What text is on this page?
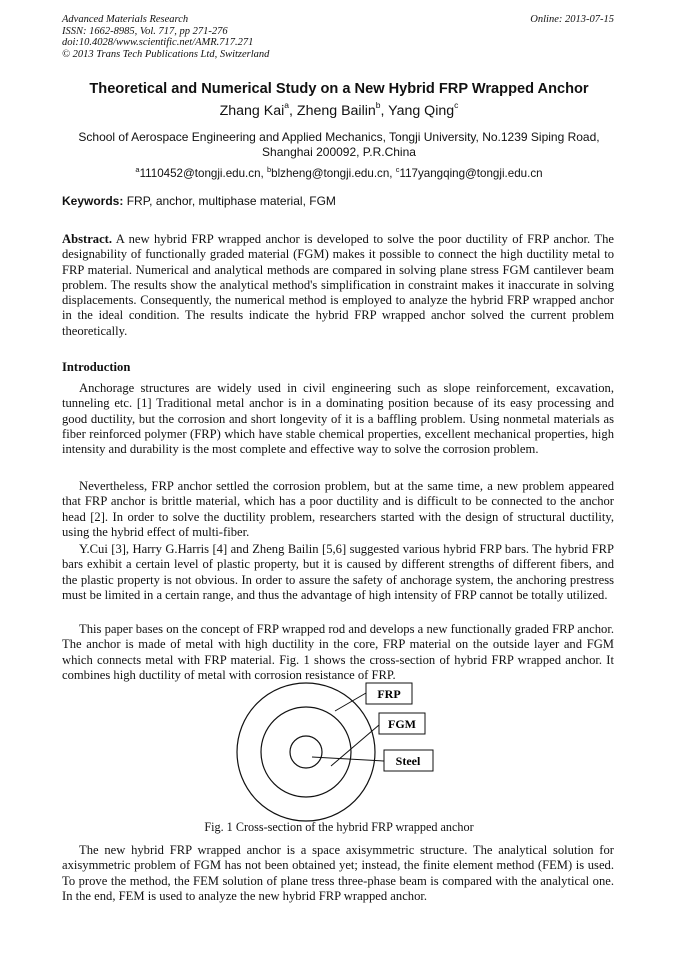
Advanced Materials Research
ISSN: 1662-8985, Vol. 717, pp 271-276
doi:10.4028/www.scientific.net/AMR.717.271
© 2013 Trans Tech Publications Ltd, Switzerland
Online: 2013-07-15
Theoretical and Numerical Study on a New Hybrid FRP Wrapped Anchor
Zhang Kai$^a$, Zheng Bailin$^b$, Yang Qing$^c$
School of Aerospace Engineering and Applied Mechanics, Tongji University, No.1239 Siping Road, Shanghai 200092, P.R.China
$^a$1110452@tongji.edu.cn, $^b$blzheng@tongji.edu.cn, $^c$117yangqing@tongji.edu.cn
Keywords: FRP, anchor, multiphase material, FGM
Abstract. A new hybrid FRP wrapped anchor is developed to solve the poor ductility of FRP anchor. The designability of functionally graded material (FGM) makes it possible to connect the high ductility metal to FRP material. Numerical and analytical methods are compared in solving plane stress FGM cantilever beam problem. The results show the analytical method's simplification in constraint makes it inaccurate in solving displacements. Consequently, the numerical method is employed to analyze the hybrid FRP wrapped anchor in the ideal condition. The results indicate the hybrid FRP wrapped anchor solved the current problem theoretically.
Introduction
Anchorage structures are widely used in civil engineering such as slope reinforcement, excavation, tunneling etc. [1] Traditional metal anchor is in a dominating position because of its easy processing and good ductility, but the corrosion and short longevity of it is a baffling problem. Using nonmetal materials as fiber reinforced polymer (FRP) which have stable chemical properties, excellent mechanical properties, high intensity and durability is the most complete and effective way to solve the corrosion problem.
Nevertheless, FRP anchor settled the corrosion problem, but at the same time, a new problem appeared that FRP anchor is brittle material, which has a poor ductility and is difficult to be connected to the anchor head [2]. In order to solve the ductility problem, researchers started with the design of structural ductility, using the hybrid effect of multi-fiber.
Y.Cui [3], Harry G.Harris [4] and Zheng Bailin [5,6] suggested various hybrid FRP bars. The hybrid FRP bars exhibit a certain level of plastic property, but it is caused by different strengths of different fibers, and the plastic property is not obvious. In order to assure the safety of anchorage system, the anchoring prestress must be limited in a certain range, and thus the advantage of high intensity of FRP cannot be totally utilized.
This paper bases on the concept of FRP wrapped rod and develops a new functionally graded FRP anchor. The anchor is made of metal with high ductility in the core, FRP material on the outside layer and FGM which connects metal with FRP material. Fig. 1 shows the cross-section of hybrid FRP wrapped anchor. It combines high ductility of metal with corrosion resistance of FRP.
FRP
FGM
Steel
Fig. 1 Cross-section of the hybrid FRP wrapped anchor
The new hybrid FRP wrapped anchor is a space axisymmetric structure. The analytical solution for axisymmetric problem of FGM has not been obtained yet; instead, the finite element method (FEM) is used. To prove the method, the FEM solution of plane tress three-phase beam is compared with the analytical one. In the end, FEM is used to analyze the new hybrid FRP wrapped anchor.
